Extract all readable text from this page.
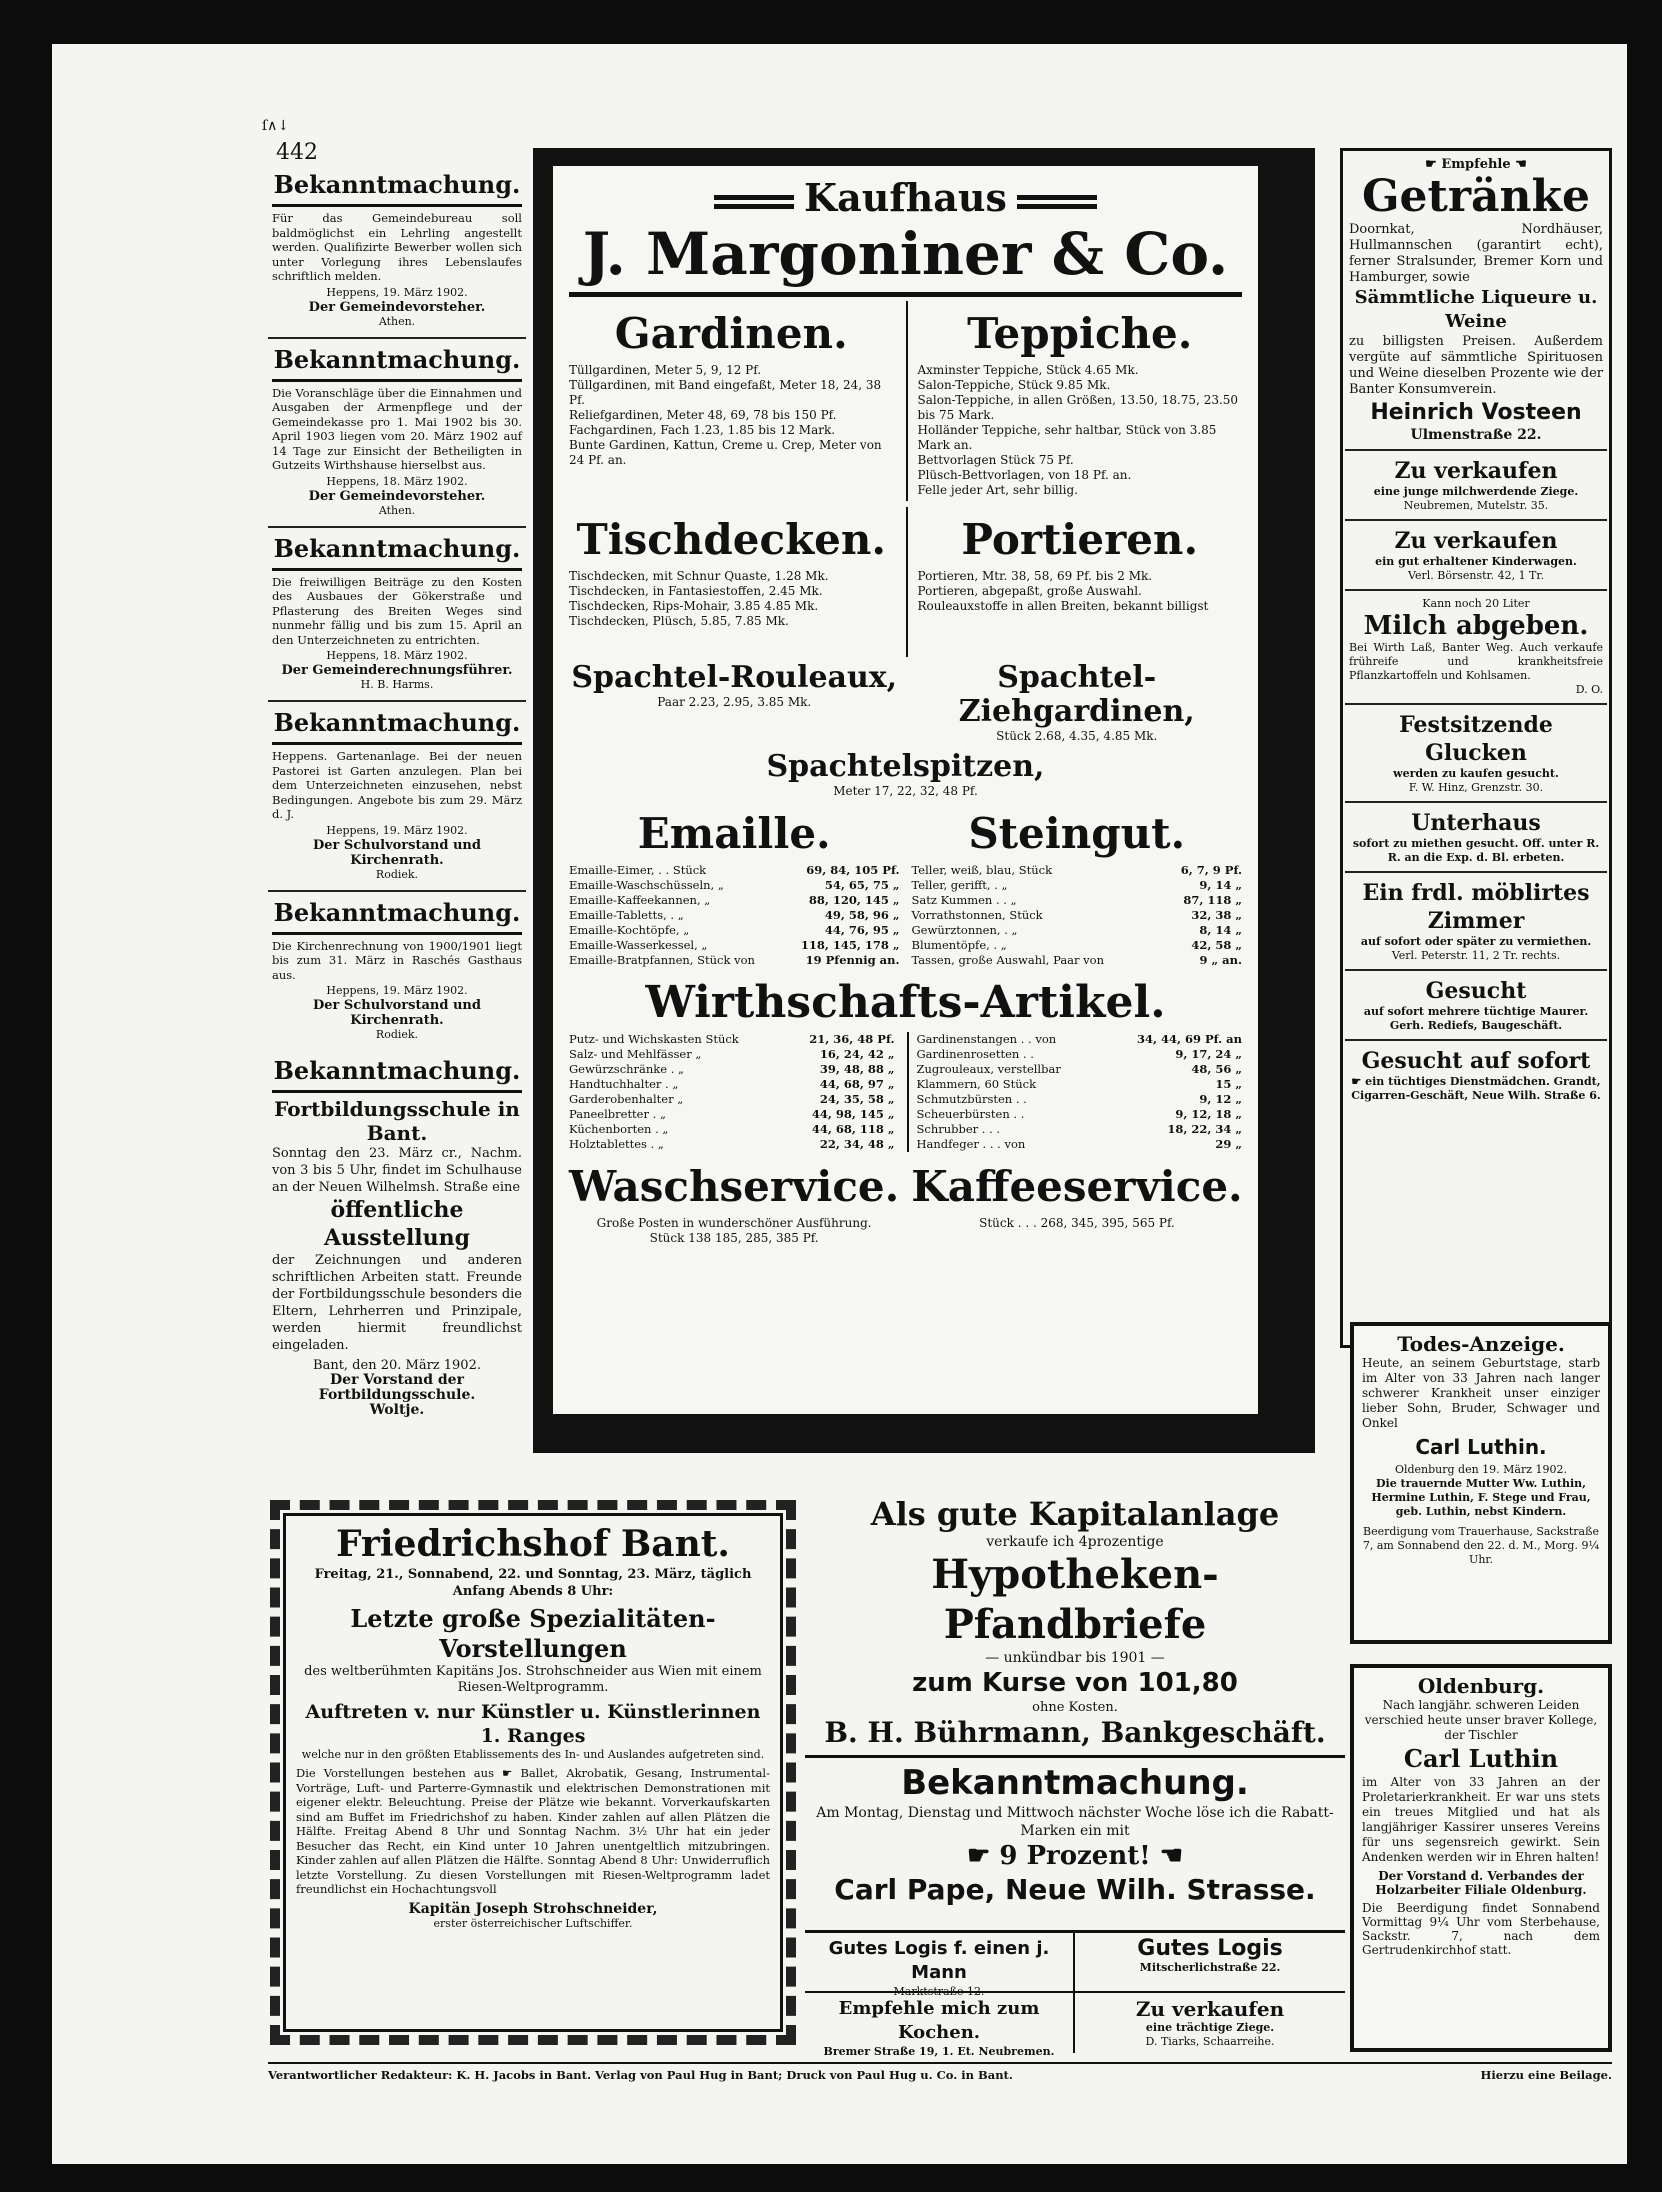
ſ∧↓
442
Bekanntmachung.
Für das Gemeindebureau soll baldmöglichst ein Lehrling angestellt werden. Qualifizirte Bewerber wollen sich unter Vorlegung ihres Lebenslaufes schriftlich melden.
Heppens, 19. März 1902.
Der Gemeindevorsteher.
Athen.
Bekanntmachung.
Die Voranschläge über die Einnahmen und Ausgaben der Armenpflege und der Gemeindekasse pro 1. Mai 1902 bis 30. April 1903 liegen vom 20. März 1902 auf 14 Tage zur Einsicht der Betheiligten in Gutzeits Wirthshause hierselbst aus.
Heppens, 18. März 1902.
Der Gemeindevorsteher.
Athen.
Bekanntmachung.
Die freiwilligen Beiträge zu den Kosten des Ausbaues der Gökerstraße und Pflasterung des Breiten Weges sind nunmehr fällig und bis zum 15. April an den Unterzeichneten zu entrichten.
Heppens, 18. März 1902.
Der Gemeinderechnungsführer.
H. B. Harms.
Bekanntmachung.
Heppens. Gartenanlage. Bei der neuen Pastorei ist Garten anzulegen. Plan bei dem Unterzeichneten einzusehen, nebst Bedingungen. Angebote bis zum 29. März d. J.
Heppens, 19. März 1902.
Der Schulvorstand und Kirchenrath.
Rodiek.
Bekanntmachung.
Die Kirchenrechnung von 1900/1901 liegt bis zum 31. März in Raschés Gasthaus aus.
Heppens, 19. März 1902.
Der Schulvorstand und Kirchenrath.
Rodiek.
Bekanntmachung.
Fortbildungsschule in Bant.
Sonntag den 23. März cr., Nachm. von 3 bis 5 Uhr, findet im Schulhause an der Neuen Wilhelmsh. Straße eine
öffentliche Ausstellung
der Zeichnungen und anderen schriftlichen Arbeiten statt. Freunde der Fortbildungsschule besonders die Eltern, Lehrherren und Prinzipale, werden hiermit freundlichst eingeladen.
Bant, den 20. März 1902.
Der Vorstand der Fortbildungsschule.
Woltje.
Kaufhaus
J. Margoniner & Co.
Gardinen.
Tüllgardinen, Meter 5, 9, 12 Pf.
Tüllgardinen, mit Band eingefaßt, Meter 18, 24, 38 Pf.
Reliefgardinen, Meter 48, 69, 78 bis 150 Pf.
Fachgardinen, Fach 1.23, 1.85 bis 12 Mark.
Bunte Gardinen, Kattun, Creme u. Crep, Meter von 24 Pf. an.
Teppiche.
Axminster Teppiche, Stück 4.65 Mk.
Salon-Teppiche, Stück 9.85 Mk.
Salon-Teppiche, in allen Größen, 13.50, 18.75, 23.50 bis 75 Mark.
Holländer Teppiche, sehr haltbar, Stück von 3.85 Mark an.
Bettvorlagen Stück 75 Pf.
Plüsch-Bettvorlagen, von 18 Pf. an.
Felle jeder Art, sehr billig.
Tischdecken.
Tischdecken, mit Schnur Quaste, 1.28 Mk.
Tischdecken, in Fantasiestoffen, 2.45 Mk.
Tischdecken, Rips-Mohair, 3.85 4.85 Mk.
Tischdecken, Plüsch, 5.85, 7.85 Mk.
Portieren.
Portieren, Mtr. 38, 58, 69 Pf. bis 2 Mk.
Portieren, abgepaßt, große Auswahl.
Rouleauxstoffe in allen Breiten, bekannt billigst
Spachtel-Rouleaux,
Paar 2.23, 2.95, 3.85 Mk.
Spachtel-Ziehgardinen,
Stück 2.68, 4.35, 4.85 Mk.
Spachtelspitzen,
Meter 17, 22, 32, 48 Pf.
Emaille.
Emaille-Eimer, . . Stück	69, 84, 105 Pf.
Emaille-Waschschüsseln, „	54, 65, 75 „
Emaille-Kaffeekannen, „	88, 120, 145 „
Emaille-Tabletts, . „	49, 58, 96 „
Emaille-Kochtöpfe, „	44, 76, 95 „
Emaille-Wasserkessel, „	118, 145, 178 „
Emaille-Bratpfannen, Stück von	19 Pfennig an.
Steingut.
Teller, weiß, blau, Stück	6, 7, 9 Pf.
Teller, gerifft, . „	9, 14 „
Satz Kummen . . „	87, 118 „
Vorrathstonnen, Stück	32, 38 „
Gewürztonnen, . „	8, 14 „
Blumentöpfe, . „	42, 58 „
Tassen, große Auswahl, Paar von	9 „ an.
Wirthschafts-Artikel.
Putz- und Wichskasten Stück	21, 36, 48 Pf.
Salz- und Mehlfässer „	16, 24, 42 „
Gewürzschränke . „	39, 48, 88 „
Handtuchhalter . „	44, 68, 97 „
Garderobenhalter „	24, 35, 58 „
Paneelbretter . „	44, 98, 145 „
Küchenborten . „	44, 68, 118 „
Holztablettes . „	22, 34, 48 „
Gardinenstangen . . von	34, 44, 69 Pf. an
Gardinenrosetten . .	9, 17, 24 „
Zugrouleaux, verstellbar	48, 56 „
Klammern, 60 Stück	15 „
Schmutzbürsten . .	9, 12 „
Scheuerbürsten . .	9, 12, 18 „
Schrubber . . .	18, 22, 34 „
Handfeger . . . von	29 „
Waschservice.
Große Posten in wunderschöner Ausführung.
Stück 138 185, 285, 385 Pf.
Kaffeeservice.
Stück . . . 268, 345, 395, 565 Pf.
☛ Empfehle ☚
Getränke
Doornkat, Nordhäuser, Hullmannschen (garantirt echt), ferner Stralsunder, Bremer Korn und Hamburger, sowie
Sämmtliche Liqueure u. Weine
zu billigsten Preisen. Außerdem vergüte auf sämmtliche Spirituosen und Weine dieselben Prozente wie der Banter Konsumverein.
Heinrich Vosteen
Ulmenstraße 22.
Zu verkaufen
eine junge milchwerdende Ziege.
Neubremen, Mutelstr. 35.
Zu verkaufen
ein gut erhaltener Kinderwagen.
Verl. Börsenstr. 42, 1 Tr.
Kann noch 20 Liter
Milch abgeben.
Bei Wirth Laß, Banter Weg. Auch verkaufe frühreife und krankheitsfreie Pflanzkartoffeln und Kohlsamen.
D. O.
Festsitzende Glucken
werden zu kaufen gesucht.
F. W. Hinz, Grenzstr. 30.
Unterhaus
sofort zu miethen gesucht. Off. unter R. R. an die Exp. d. Bl. erbeten.
Ein frdl. möblirtes Zimmer
auf sofort oder später zu vermiethen.
Verl. Peterstr. 11, 2 Tr. rechts.
Gesucht
auf sofort mehrere tüchtige Maurer. Gerh. Rediefs, Baugeschäft.
Gesucht auf sofort
☛ ein tüchtiges Dienstmädchen. Grandt, Cigarren-Geschäft, Neue Wilh. Straße 6.
Todes-Anzeige.
Heute, an seinem Geburtstage, starb im Alter von 33 Jahren nach langer schwerer Krankheit unser einziger lieber Sohn, Bruder, Schwager und Onkel
Carl Luthin.
Oldenburg den 19. März 1902.
Die trauernde Mutter Ww. Luthin, Hermine Luthin, F. Stege und Frau, geb. Luthin, nebst Kindern.
Beerdigung vom Trauerhause, Sackstraße 7, am Sonnabend den 22. d. M., Morg. 9¼ Uhr.
Oldenburg.
Nach langjähr. schweren Leiden verschied heute unser braver Kollege, der Tischler
Carl Luthin
im Alter von 33 Jahren an der Proletarierkrankheit. Er war uns stets ein treues Mitglied und hat als langjähriger Kassirer unseres Vereins für uns segensreich gewirkt. Sein Andenken werden wir in Ehren halten!
Der Vorstand d. Verbandes der Holzarbeiter Filiale Oldenburg.
Die Beerdigung findet Sonnabend Vormittag 9¼ Uhr vom Sterbehause, Sackstr. 7, nach dem Gertrudenkirchhof statt.
Friedrichshof Bant.
Freitag, 21., Sonnabend, 22. und Sonntag, 23. März, täglich Anfang Abends 8 Uhr:
Letzte große Spezialitäten-Vorstellungen
des weltberühmten Kapitäns Jos. Strohschneider aus Wien mit einem Riesen-Weltprogramm.
Auftreten v. nur Künstler u. Künstlerinnen 1. Ranges
welche nur in den größten Etablissements des In- und Auslandes aufgetreten sind.
Die Vorstellungen bestehen aus ☛ Ballet, Akrobatik, Gesang, Instrumental-Vorträge, Luft- und Parterre-Gymnastik und elektrischen Demonstrationen mit eigener elektr. Beleuchtung. Preise der Plätze wie bekannt. Vorverkaufskarten sind am Buffet im Friedrichshof zu haben. Kinder zahlen auf allen Plätzen die Hälfte. Freitag Abend 8 Uhr und Sonntag Nachm. 3½ Uhr hat ein jeder Besucher das Recht, ein Kind unter 10 Jahren unentgeltlich mitzubringen. Kinder zahlen auf allen Plätzen die Hälfte. Sonntag Abend 8 Uhr: Unwiderruflich letzte Vorstellung. Zu diesen Vorstellungen mit Riesen-Weltprogramm ladet freundlichst ein Hochachtungsvoll
Kapitän Joseph Strohschneider,
erster österreichischer Luftschiffer.
Als gute Kapitalanlage
verkaufe ich 4prozentige
Hypotheken-Pfandbriefe
— unkündbar bis 1901 —
zum Kurse von 101,80
ohne Kosten.
B. H. Bührmann, Bankgeschäft.
Bekanntmachung.
Am Montag, Dienstag und Mittwoch nächster Woche löse ich die Rabatt-Marken ein mit
☛ 9 Prozent! ☚
Carl Pape, Neue Wilh. Strasse.
Gutes Logis f. einen j. Mann
Marktstraße 12.
Gutes Logis
Mitscherlichstraße 22.
Empfehle mich zum Kochen.
Bremer Straße 19, 1. Et. Neubremen.
Zu verkaufen
eine trächtige Ziege.
D. Tiarks, Schaarreihe.
Verantwortlicher Redakteur: K. H. Jacobs in Bant. Verlag von Paul Hug in Bant; Druck von Paul Hug u. Co. in Bant.	Hierzu eine Beilage.
